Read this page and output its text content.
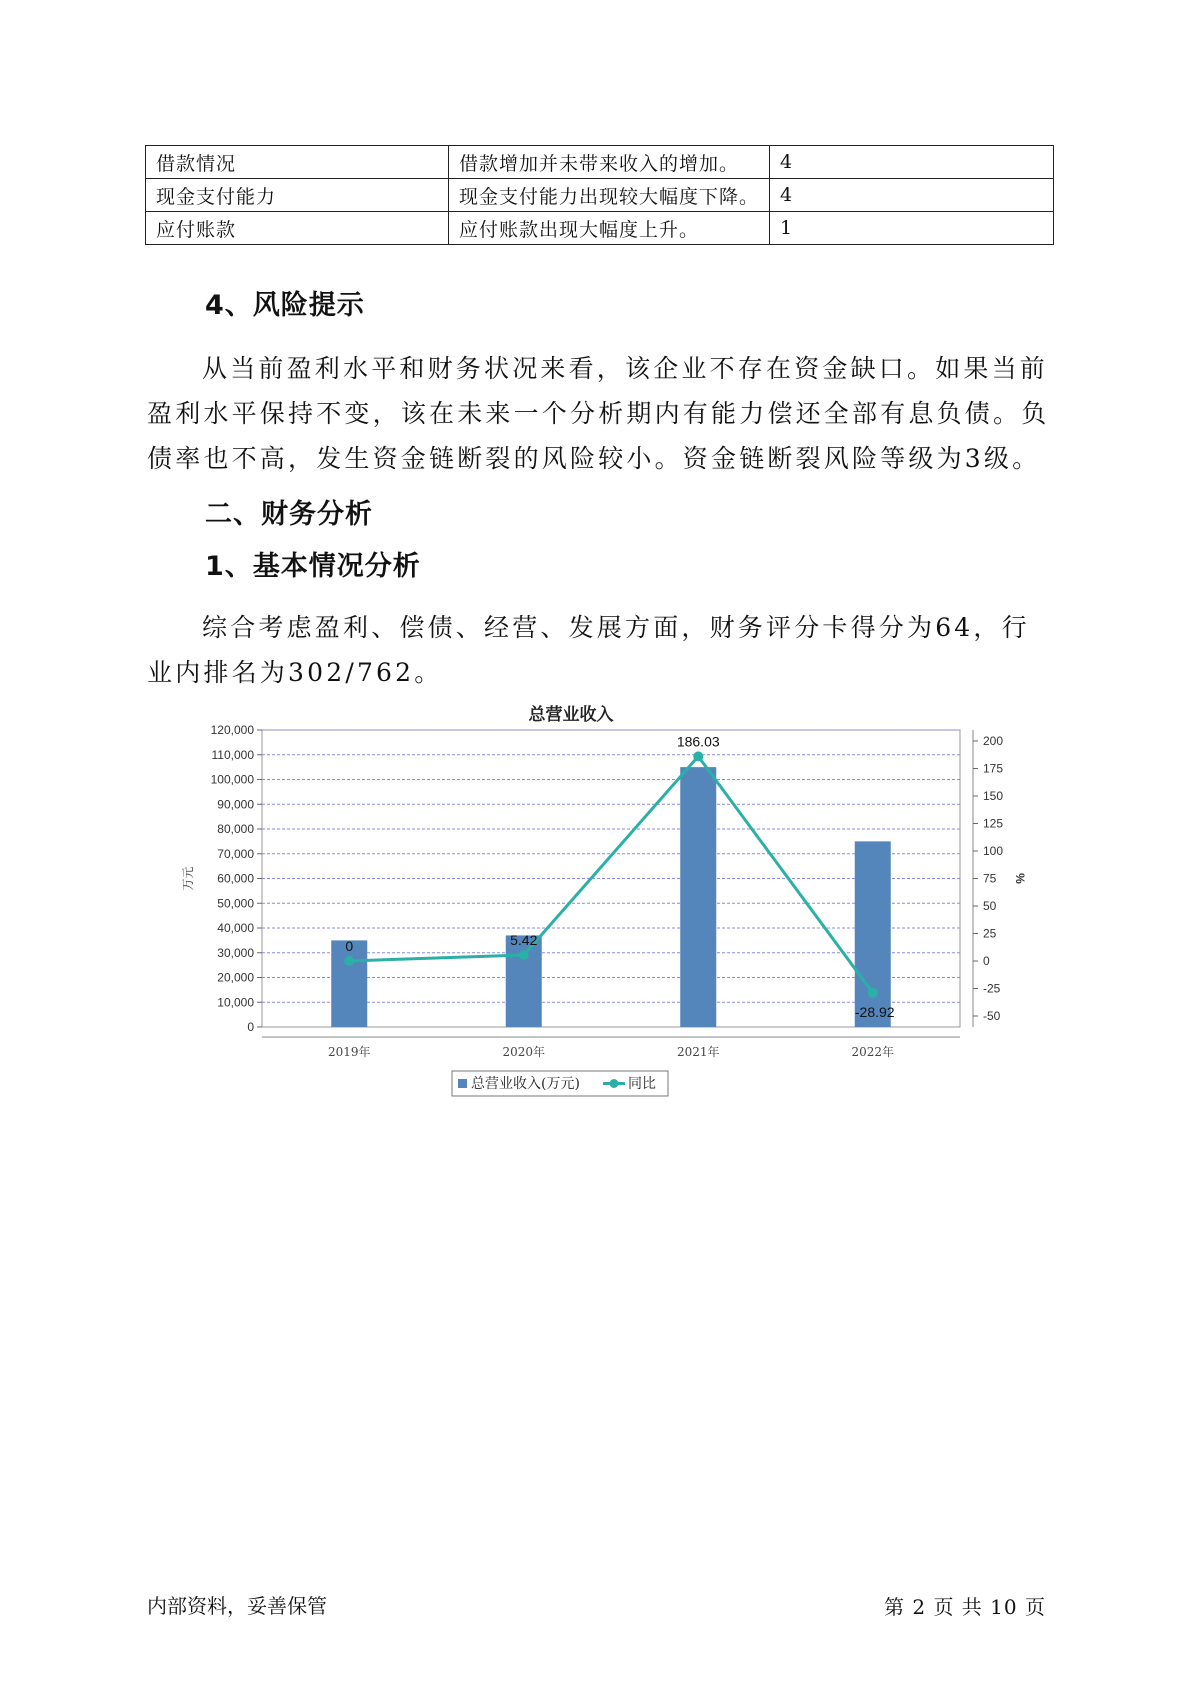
借款情况	借款增加并未带来收入的增加。	4
现金支付能力	现金支付能力出现较大幅度下降。	4
应付账款	应付账款出现大幅度上升。	1
4、风险提示

从当前盈利水平和财务状况来看，该企业不存在资金缺口。如果当前盈利水平保持不变，该在未来一个分析期内有能力偿还全部有息负债。负债率也不高，发生资金链断裂的风险较小。资金链断裂风险等级为3级。

二、财务分析
1、基本情况分析

综合考虑盈利、偿债、经营、发展方面，财务评分卡得分为64，行业内排名为302/762。

总营业收入
120,000
110,000
100,000
90,000
80,000
70,000
60,000
50,000
40,000
30,000
20,000
10,000
0
200
175
150
125
100
75
50
25
0
-25
-50
万元	%
2019年	2020年	2021年	2022年
0	5.42
186.03
-28.92
总营业收入(万元)	同比
内部资料，妥善保管	第 2 页 共 10 页
